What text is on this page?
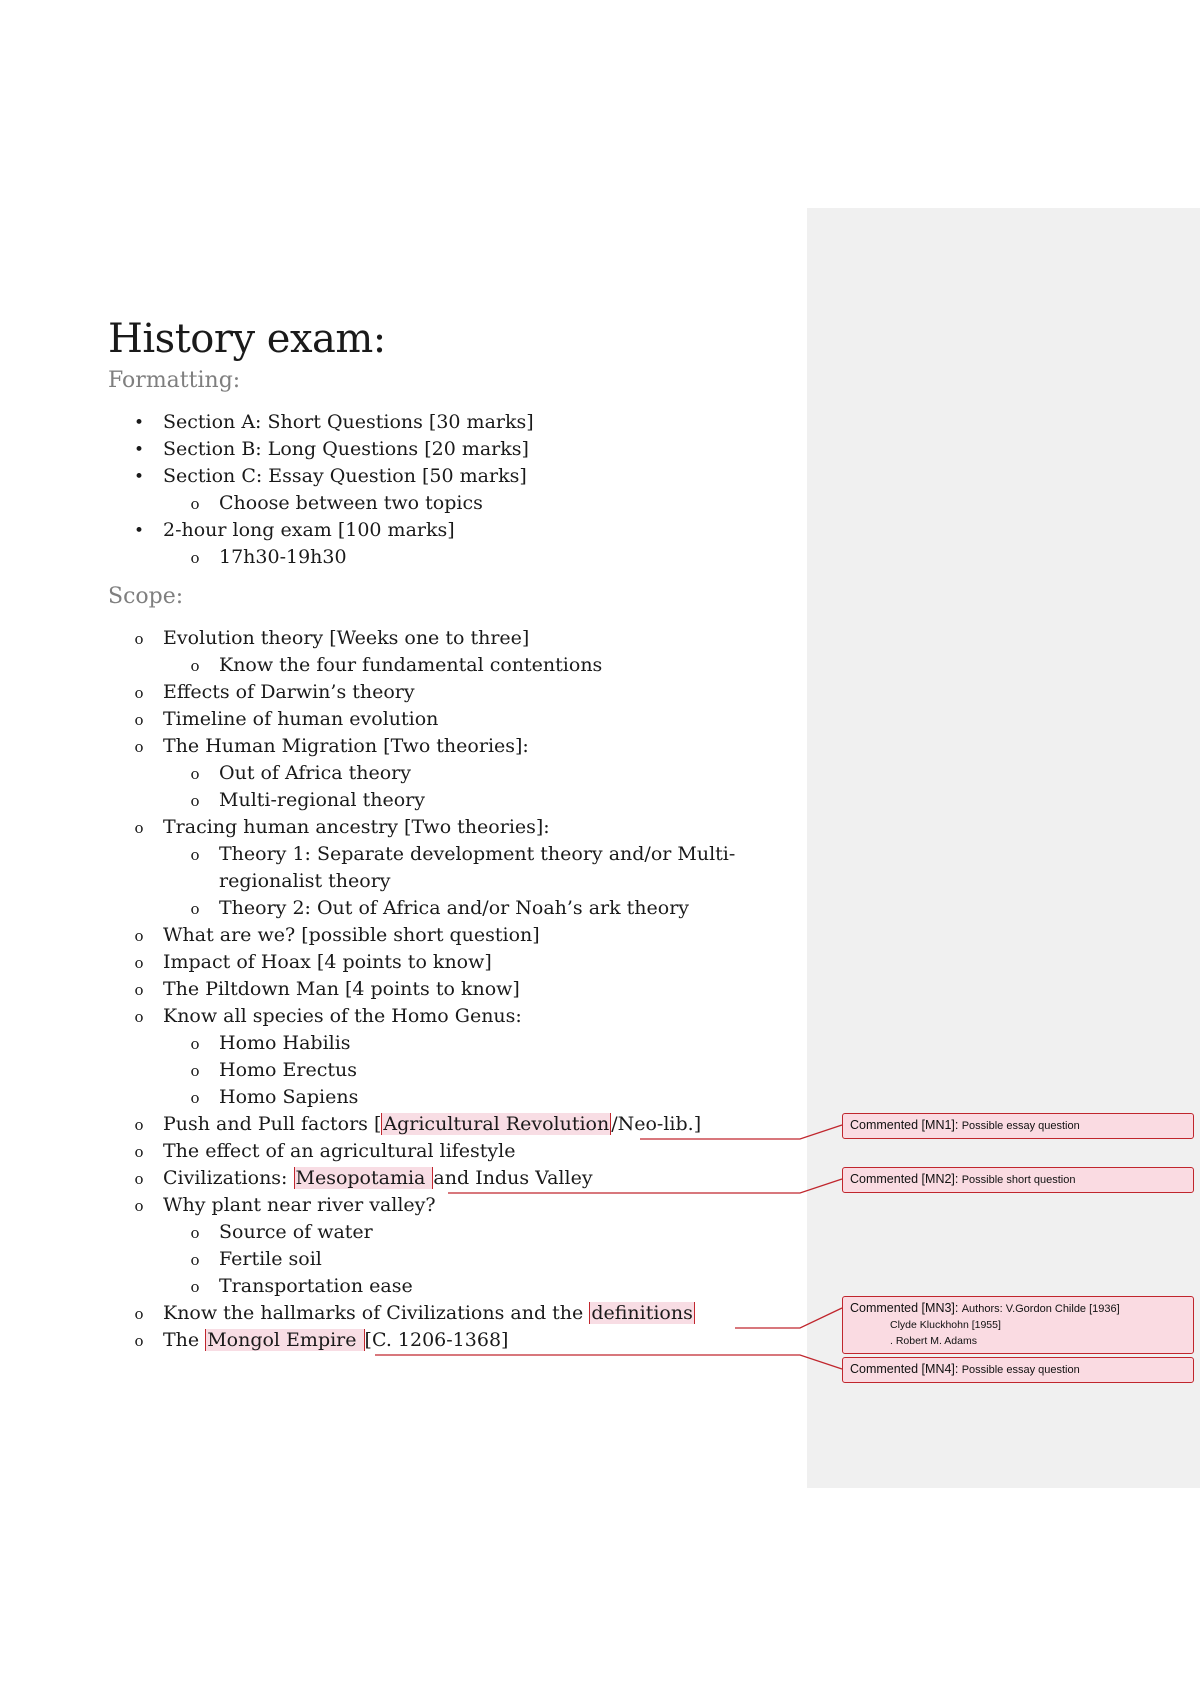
History exam:
Formatting:
•
Section A: Short Questions [30 marks]
•
Section B: Long Questions [20 marks]
•
Section C: Essay Question [50 marks]
o
Choose between two topics
•
2-hour long exam [100 marks]
o
17h30-19h30
Scope:
o
Evolution theory [Weeks one to three]
o
Know the four fundamental contentions
o
Effects of Darwin’s theory
o
Timeline of human evolution
o
The Human Migration [Two theories]:
o
Out of Africa theory
o
Multi-regional theory
o
Tracing human ancestry [Two theories]:
o
Theory 1: Separate development theory and/or Multi-regionalist theory
o
Theory 2: Out of Africa and/or Noah’s ark theory
o
What are we? [possible short question]
o
Impact of Hoax [4 points to know]
o
The Piltdown Man [4 points to know]
o
Know all species of the Homo Genus:
o
Homo Habilis
o
Homo Erectus
o
Homo Sapiens
o
Push and Pull factors [ Agricultural Revolution /Neo-lib.]
o
The effect of an agricultural lifestyle
o
Civilizations: Mesopotamia and Indus Valley
o
Why plant near river valley?
o
Source of water
o
Fertile soil
o
Transportation ease
o
Know the hallmarks of Civilizations and the definitions
o
The Mongol Empire [C. 1206-1368]
Commented [MN1]: Possible essay question
Commented [MN2]: Possible short question
Commented [MN3]: Authors: V.Gordon Childe [1936]
Clyde Kluckhohn [1955]
. Robert M. Adams
Commented [MN4]: Possible essay question
